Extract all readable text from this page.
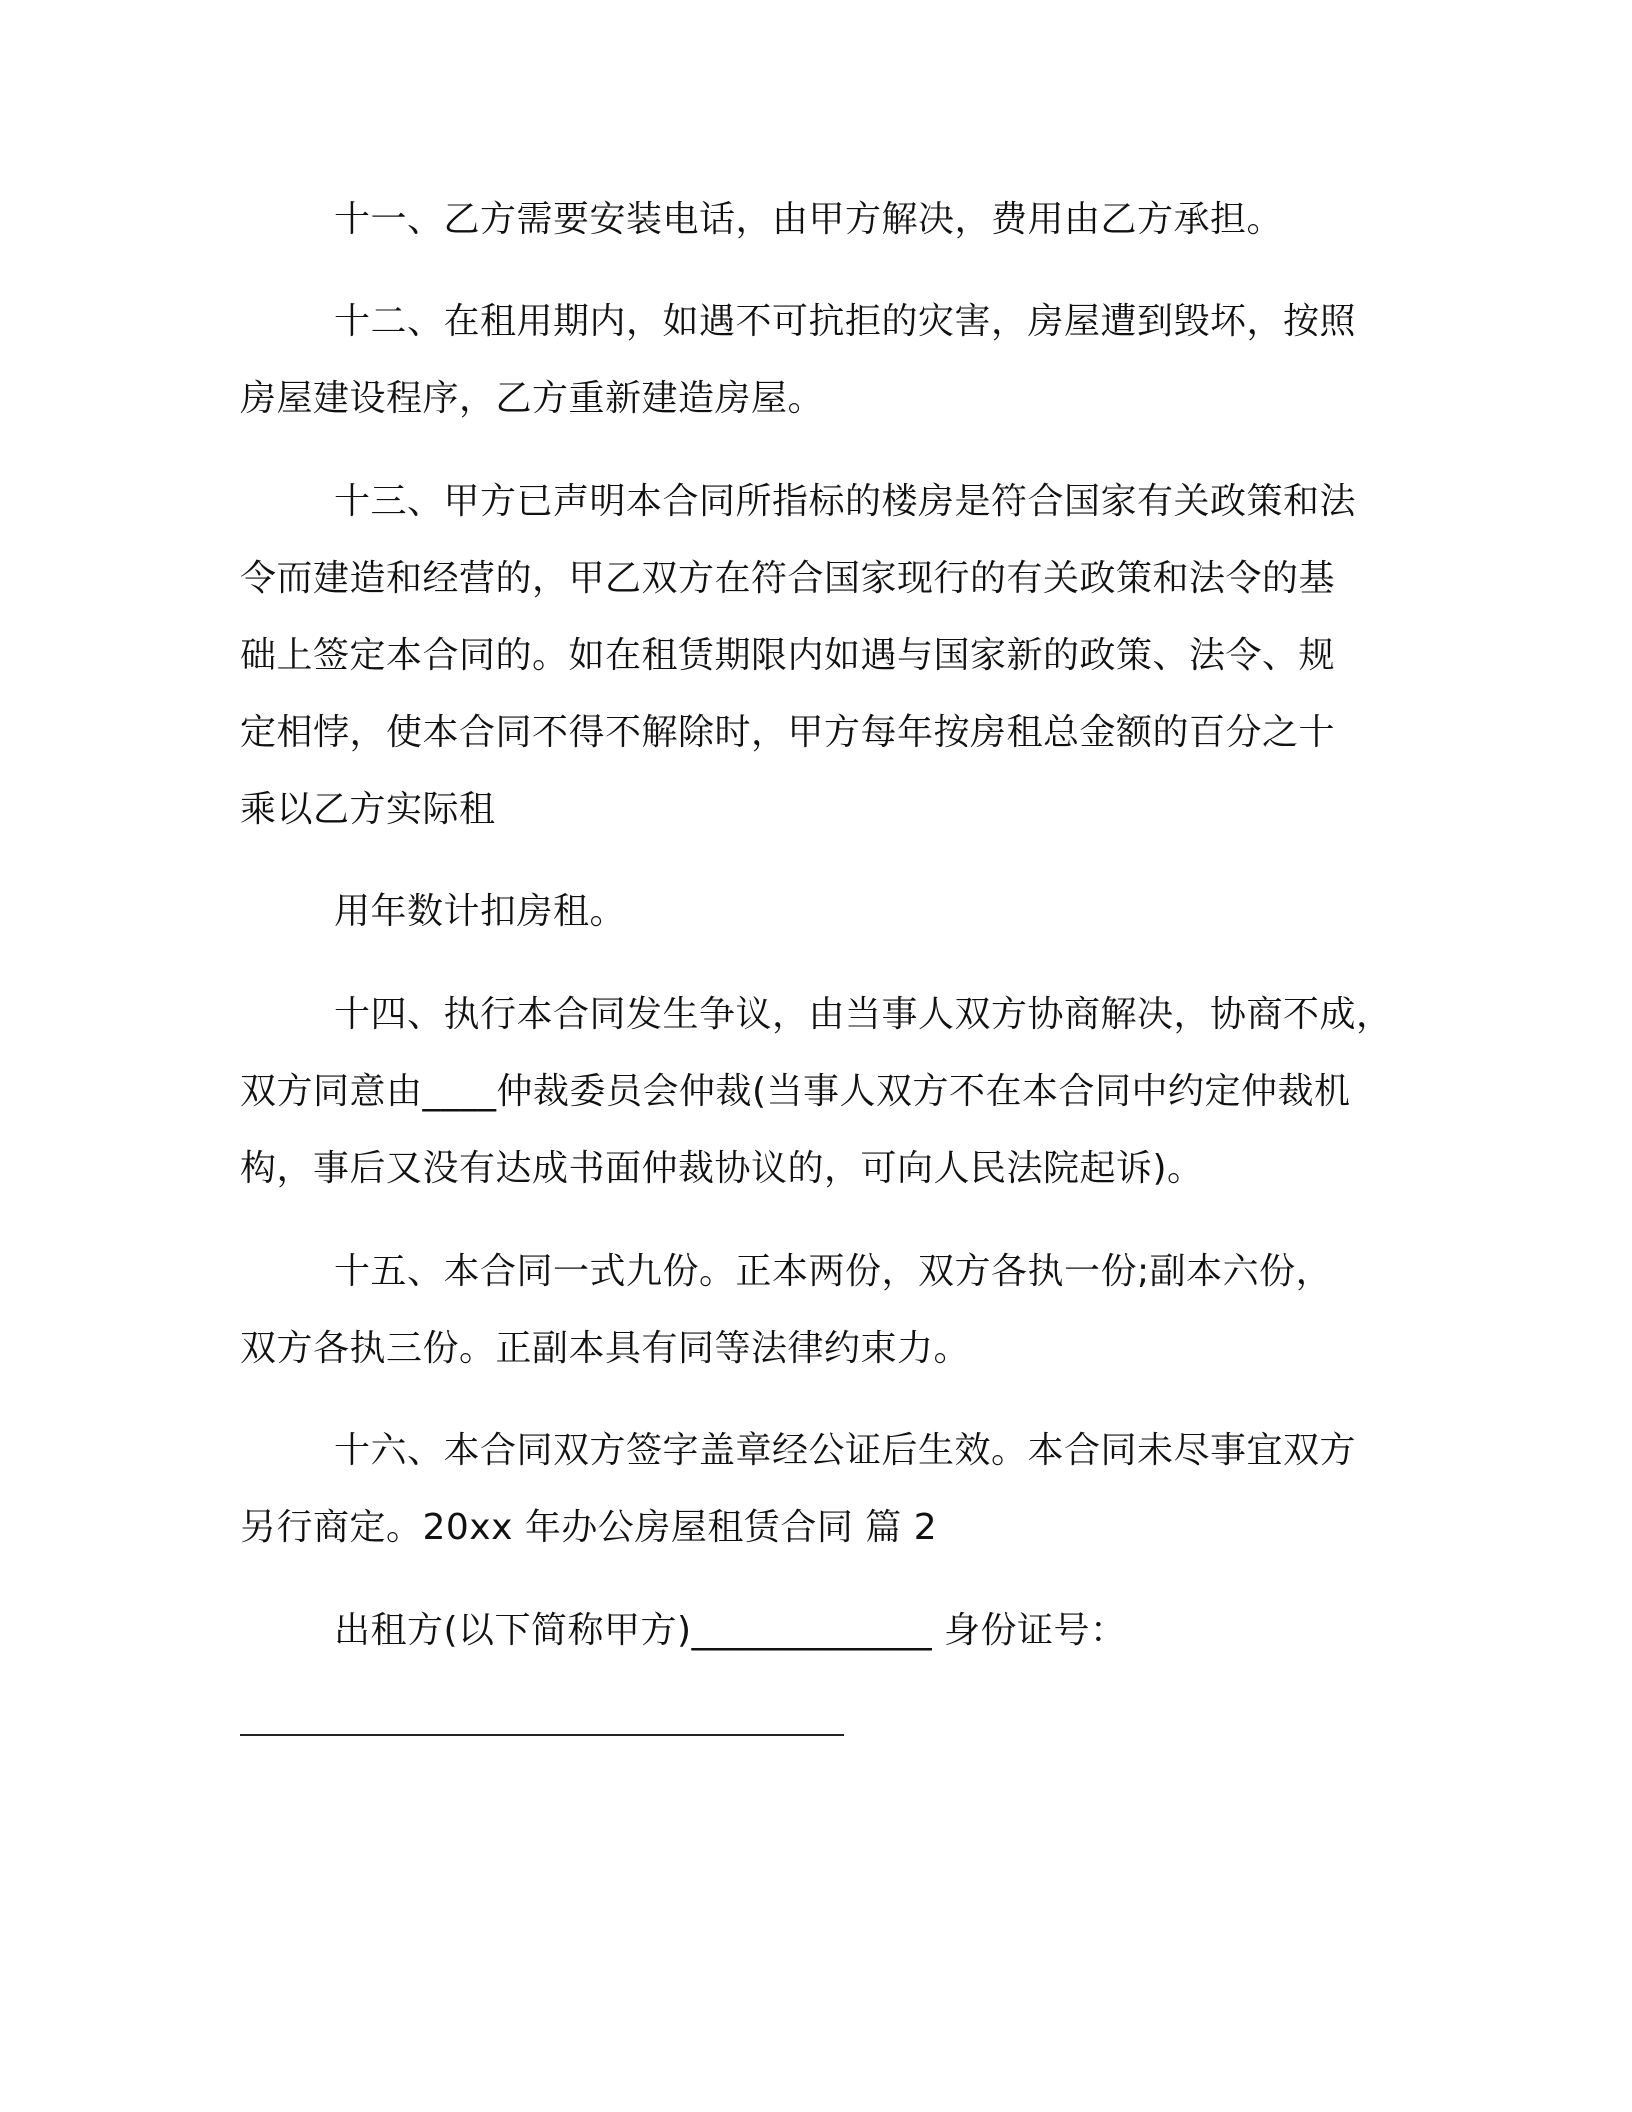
十一、乙方需要安装电话，由甲方解决，费用由乙方承担。
十二、在租用期内，如遇不可抗拒的灾害，房屋遭到毁坏，按照
房屋建设程序，乙方重新建造房屋。
十三、甲方已声明本合同所指标的楼房是符合国家有关政策和法
令而建造和经营的，甲乙双方在符合国家现行的有关政策和法令的基
础上签定本合同的。如在租赁期限内如遇与国家新的政策、法令、规
定相悖，使本合同不得不解除时，甲方每年按房租总金额的百分之十
乘以乙方实际租
用年数计扣房租。
十四、执行本合同发生争议，由当事人双方协商解决，协商不成，
双方同意由____仲裁委员会仲裁(当事人双方不在本合同中约定仲裁机
构，事后又没有达成书面仲裁协议的，可向人民法院起诉)。
十五、本合同一式九份。正本两份，双方各执一份;副本六份，
双方各执三份。正副本具有同等法律约束力。
十六、本合同双方签字盖章经公证后生效。本合同未尽事宜双方
另行商定。20xx 年办公房屋租赁合同 篇 2
出租方(以下简称甲方)_____________ 身份证号：
